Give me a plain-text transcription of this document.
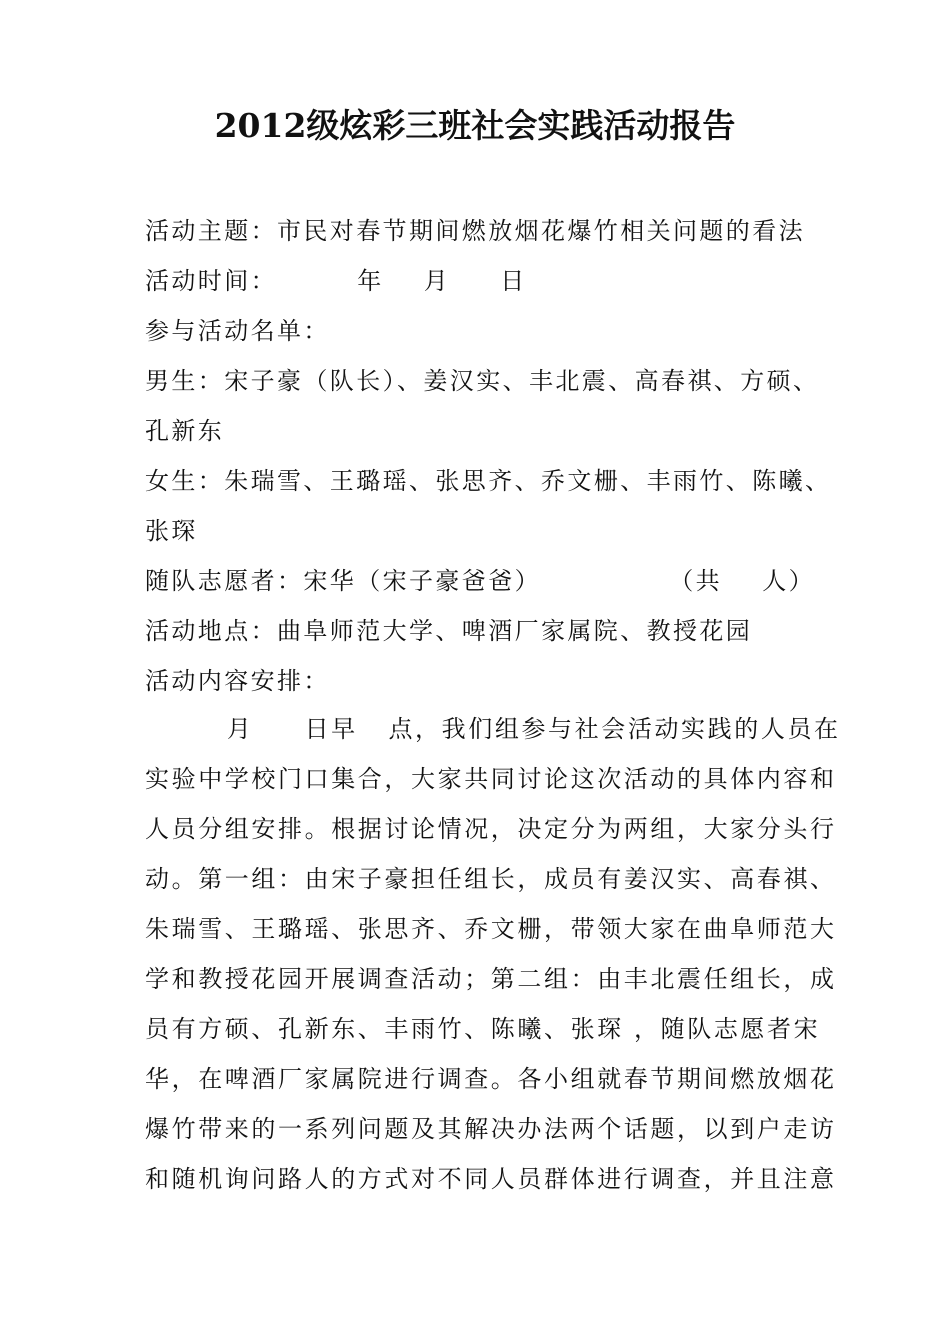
2012级炫彩三班社会实践活动报告
活动主题：市民对春节期间燃放烟花爆竹相关问题的看法
活动时间：        年    月     日
参与活动名单：
男生：宋子豪（队长）、姜汉实、丰北震、高春祺、方硕、
孔新东
女生：朱瑞雪、王璐瑶、张思齐、乔文栅、丰雨竹、陈曦、
张琛
随队志愿者：宋华（宋子豪爸爸）	（共    人）
活动地点：曲阜师范大学、啤酒厂家属院、教授花园
活动内容安排：
月     日早   点，我们组参与社会活动实践的人员在
实验中学校门口集合，大家共同讨论这次活动的具体内容和
人员分组安排。根据讨论情况，决定分为两组，大家分头行
动。第一组：由宋子豪担任组长，成员有姜汉实、高春祺、
朱瑞雪、王璐瑶、张思齐、乔文栅，带领大家在曲阜师范大
学和教授花园开展调查活动；第二组：由丰北震任组长，成
员有方硕、孔新东、丰雨竹、陈曦、张琛 ，随队志愿者宋
华，在啤酒厂家属院进行调查。各小组就春节期间燃放烟花
爆竹带来的一系列问题及其解决办法两个话题，以到户走访
和随机询问路人的方式对不同人员群体进行调查，并且注意
